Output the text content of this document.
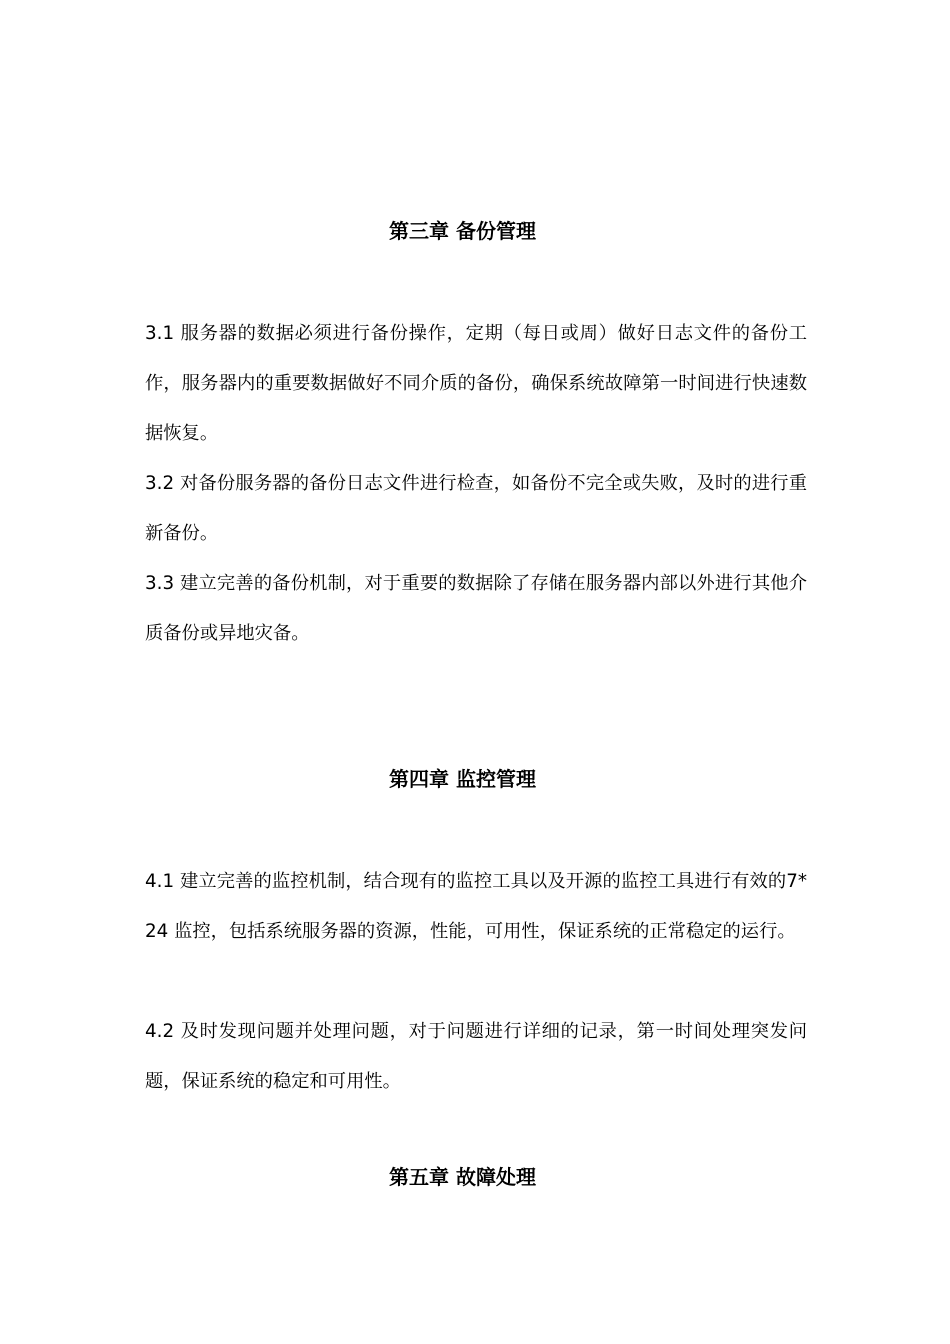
第三章 备份管理

3.1 服务器的数据必须进行备份操作，定期（每日或周）做好日志文件的备份工作，服务器内的重要数据做好不同介质的备份，确保系统故障第一时间进行快速数据恢复。

3.2 对备份服务器的备份日志文件进行检查，如备份不完全或失败，及时的进行重新备份。

3.3 建立完善的备份机制，对于重要的数据除了存储在服务器内部以外进行其他介质备份或异地灾备。

第四章 监控管理

4.1 建立完善的监控机制，结合现有的监控工具以及开源的监控工具进行有效的7*24 监控，包括系统服务器的资源，性能，可用性，保证系统的正常稳定的运行。

4.2 及时发现问题并处理问题，对于问题进行详细的记录，第一时间处理突发问题，保证系统的稳定和可用性。

第五章 故障处理
